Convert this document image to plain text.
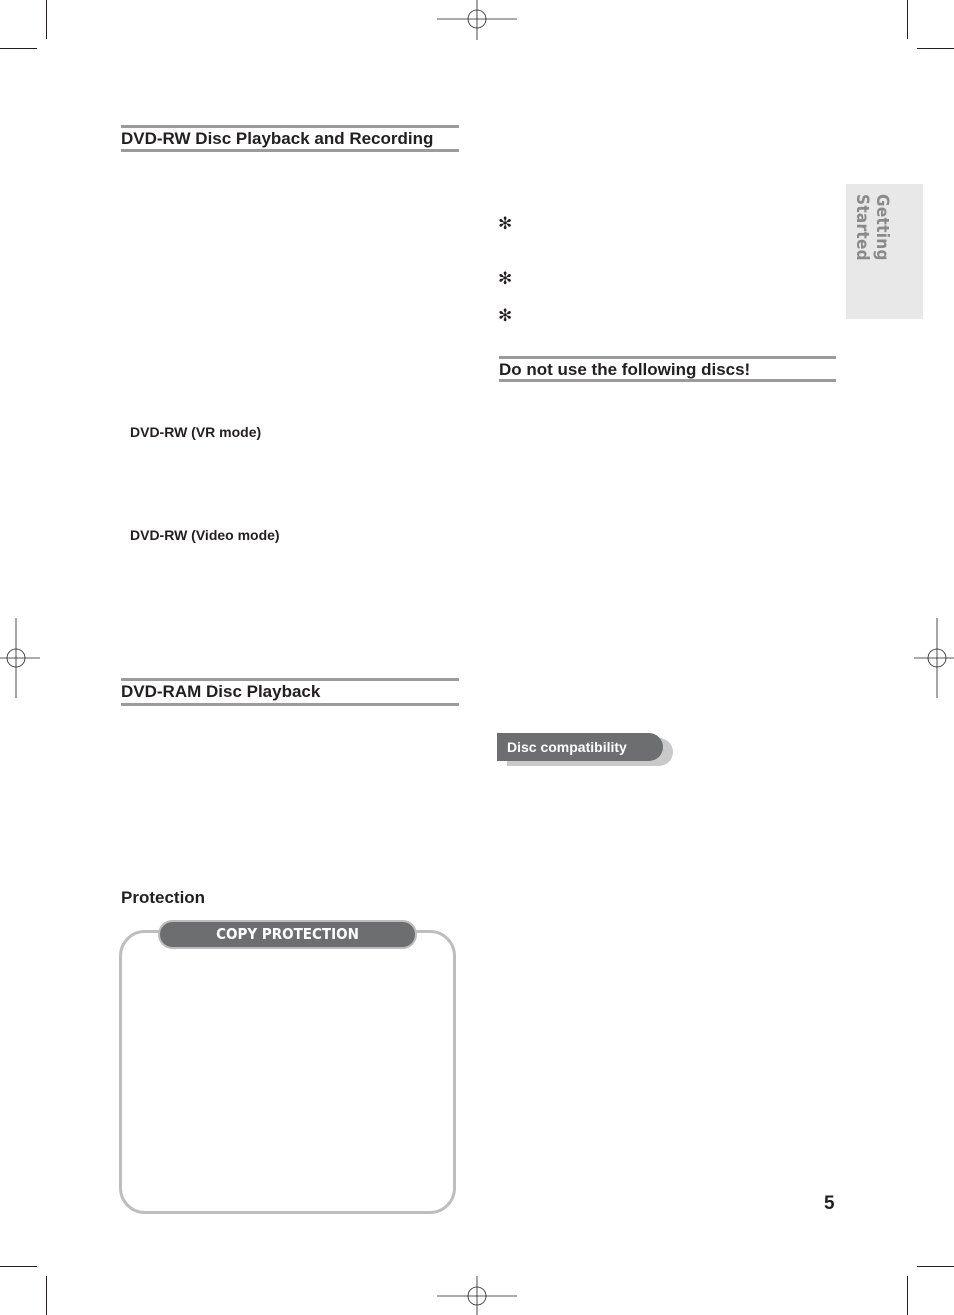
DVD-RW Disc Playback and Recording
DVD-RW (VR mode)
DVD-RW (Video mode)
DVD-RAM Disc Playback
Protection
COPY PROTECTION
✻
✻
✻
Do not use the following discs!
Disc compatibility
Getting Started
5
